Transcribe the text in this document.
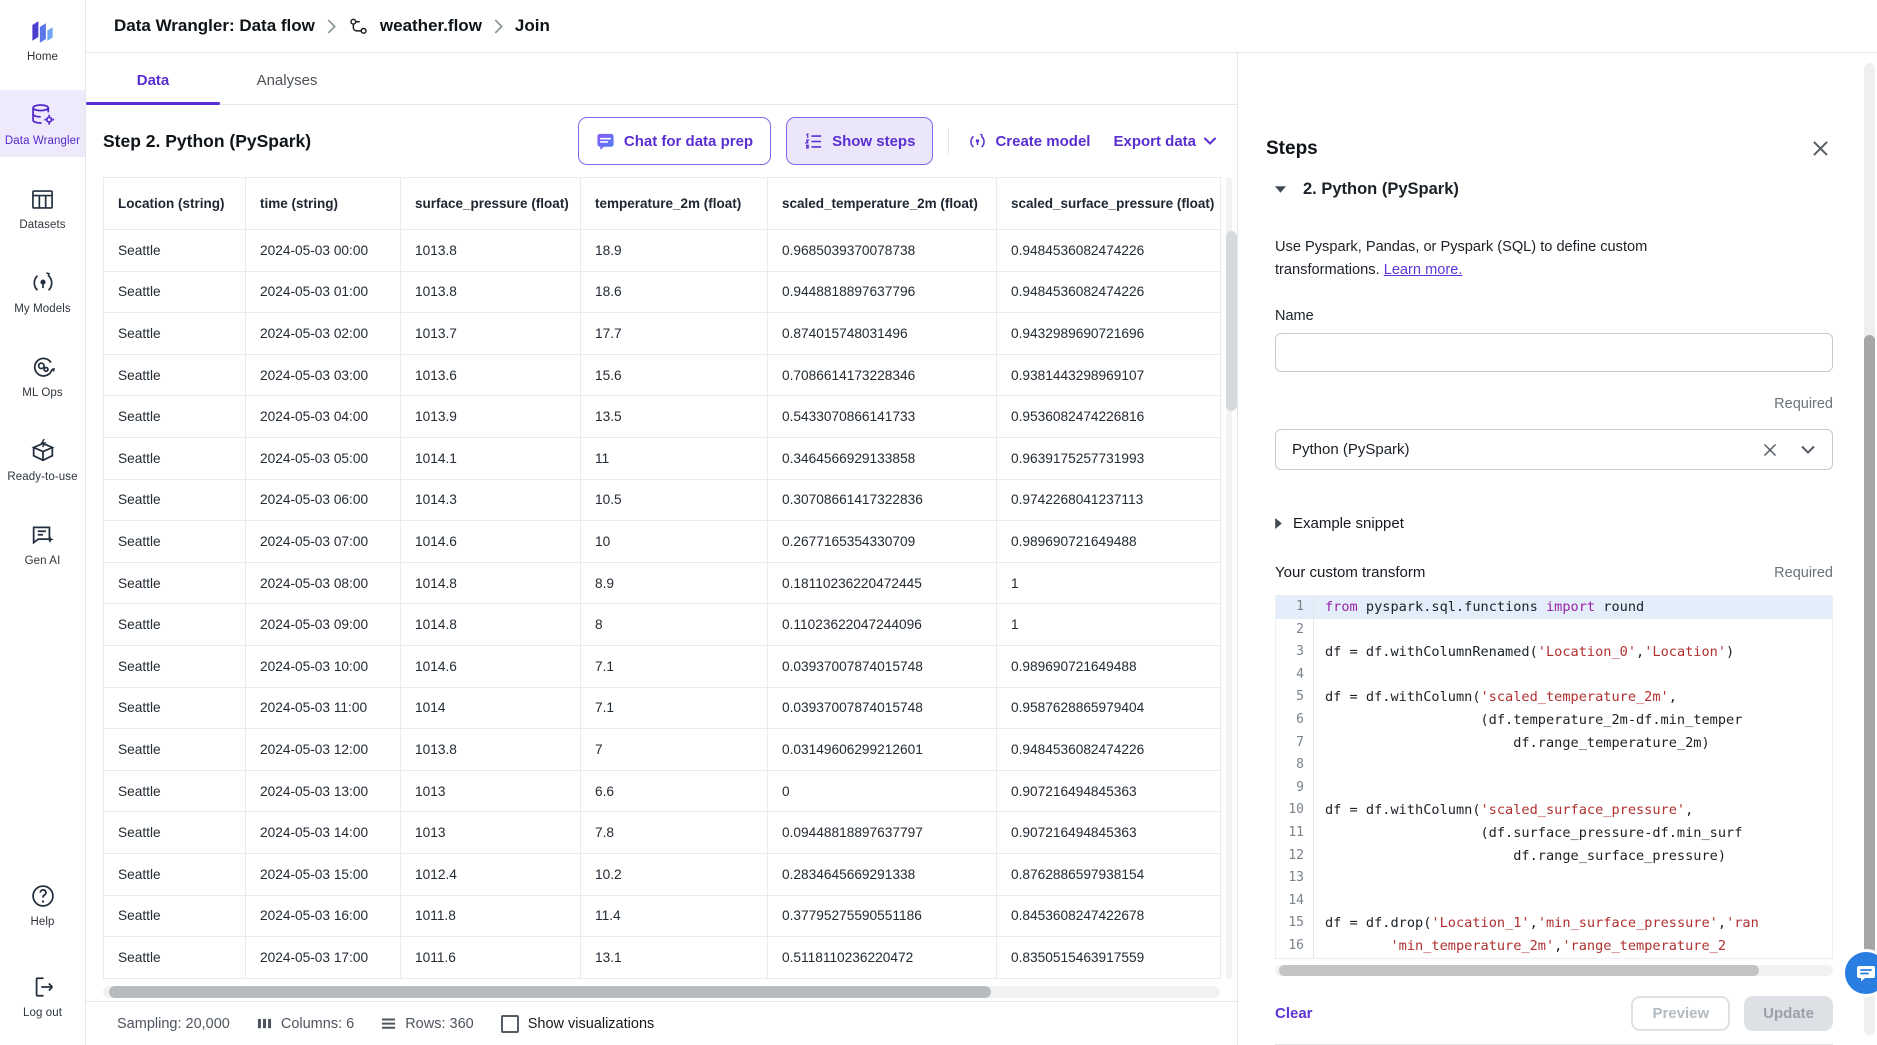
Home
Data Wrangler
Datasets
My Models
ML Ops
Ready-to-use
Gen AI
Help
Log out
Data Wrangler: Data flow	weather.flow Join
Data	Analyses
Step 2. Python (PySpark)	Chat for data prep	Show steps	Create model Export data
Location (string)	time (string)	surface_pressure (float)	temperature_2m (float)	scaled_temperature_2m (float)	scaled_surface_pressure (float)
Seattle	2024-05-03 00:00	1013.8	18.9	0.9685039370078738	0.9484536082474226
Seattle	2024-05-03 01:00	1013.8	18.6	0.9448818897637796	0.9484536082474226
Seattle	2024-05-03 02:00	1013.7	17.7	0.874015748031496	0.9432989690721696
Seattle	2024-05-03 03:00	1013.6	15.6	0.7086614173228346	0.9381443298969107
Seattle	2024-05-03 04:00	1013.9	13.5	0.5433070866141733	0.9536082474226816
Seattle	2024-05-03 05:00	1014.1	11	0.3464566929133858	0.9639175257731993
Seattle	2024-05-03 06:00	1014.3	10.5	0.30708661417322836	0.9742268041237113
Seattle	2024-05-03 07:00	1014.6	10	0.2677165354330709	0.989690721649488
Seattle	2024-05-03 08:00	1014.8	8.9	0.18110236220472445	1
Seattle	2024-05-03 09:00	1014.8	8	0.11023622047244096	1
Seattle	2024-05-03 10:00	1014.6	7.1	0.03937007874015748	0.989690721649488
Seattle	2024-05-03 11:00	1014	7.1	0.03937007874015748	0.9587628865979404
Seattle	2024-05-03 12:00	1013.8	7	0.03149606299212601	0.9484536082474226
Seattle	2024-05-03 13:00	1013	6.6	0	0.907216494845363
Seattle	2024-05-03 14:00	1013	7.8	0.09448818897637797	0.907216494845363
Seattle	2024-05-03 15:00	1012.4	10.2	0.2834645669291338	0.8762886597938154
Seattle	2024-05-03 16:00	1011.8	11.4	0.37795275590551186	0.8453608247422678
Seattle	2024-05-03 17:00	1011.6	13.1	0.5118110236220472	0.8350515463917559
Sampling: 20,000	Columns: 6	Rows: 360	Show visualizations
Steps
2. Python (PySpark)

Use Pyspark, Pandas, or Pyspark (SQL) to define custom transformations. Learn more.

Name
Required
Python (PySpark)
Example snippet
Your custom transform	Required
1	from pyspark.sql.functions import round
2
3	df = df.withColumnRenamed('Location_0','Location')
4
5	df = df.withColumn('scaled_temperature_2m',
6	(df.temperature_2m-df.min_temper
7	df.range_temperature_2m)
8
9
10	df = df.withColumn('scaled_surface_pressure',
11	(df.surface_pressure-df.min_surf
12	df.range_surface_pressure)
13
14
15	df = df.drop('Location_1','min_surface_pressure','ran
16	'min_temperature_2m','range_temperature_2
Clear	Preview	Update
